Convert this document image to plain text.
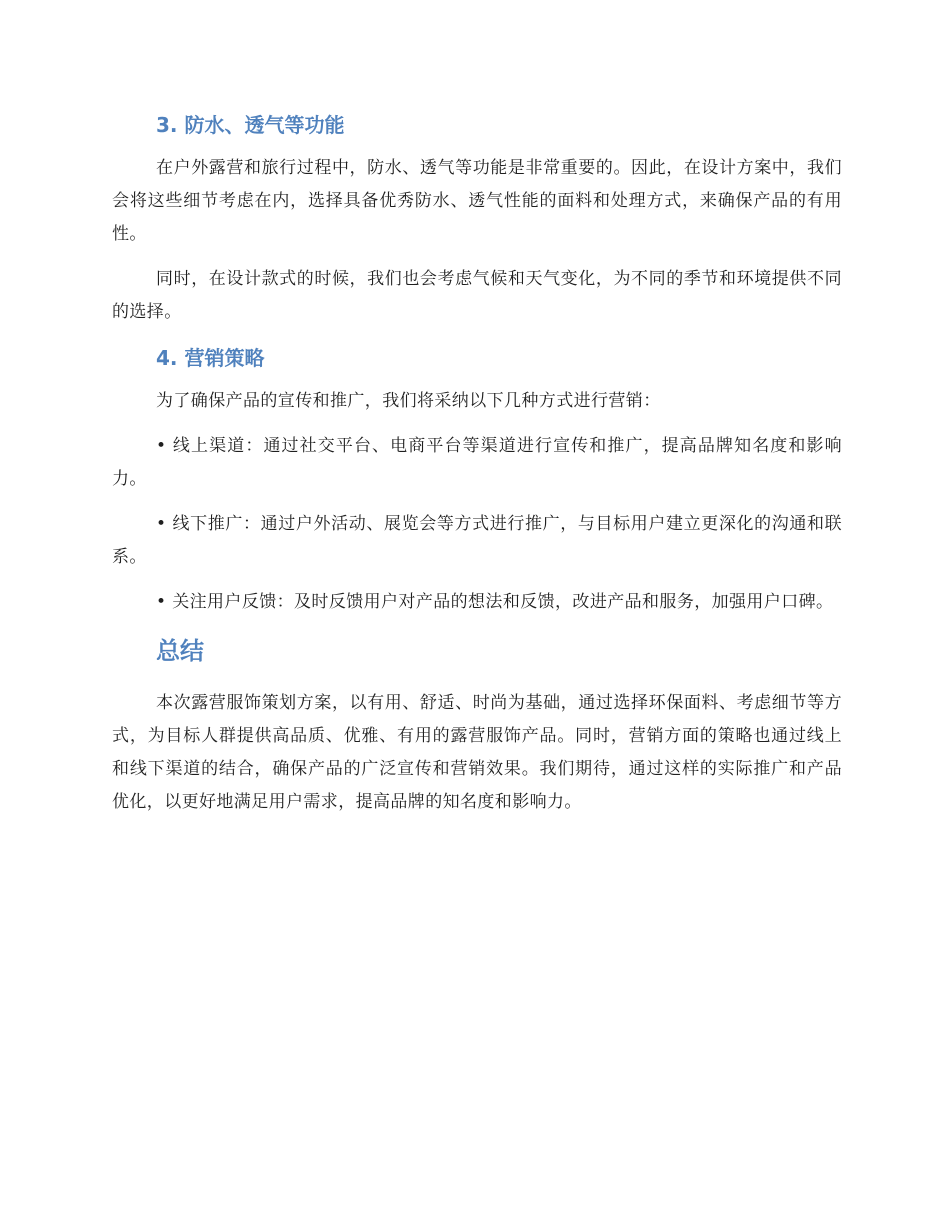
3. 防水、透气等功能

在户外露营和旅行过程中，防水、透气等功能是非常重要的。因此，在设计方案中，我们会将这些细节考虑在内，选择具备优秀防水、透气性能的面料和处理方式，来确保产品的有用性。

同时，在设计款式的时候，我们也会考虑气候和天气变化，为不同的季节和环境提供不同的选择。

4. 营销策略

为了确保产品的宣传和推广，我们将采纳以下几种方式进行营销：

• 线上渠道：通过社交平台、电商平台等渠道进行宣传和推广，提高品牌知名度和影响力。

• 线下推广：通过户外活动、展览会等方式进行推广，与目标用户建立更深化的沟通和联系。

• 关注用户反馈：及时反馈用户对产品的想法和反馈，改进产品和服务，加强用户口碑。

总结

本次露营服饰策划方案，以有用、舒适、时尚为基础，通过选择环保面料、考虑细节等方式，为目标人群提供高品质、优雅、有用的露营服饰产品。同时，营销方面的策略也通过线上和线下渠道的结合，确保产品的广泛宣传和营销效果。我们期待，通过这样的实际推广和产品优化，以更好地满足用户需求，提高品牌的知名度和影响力。
